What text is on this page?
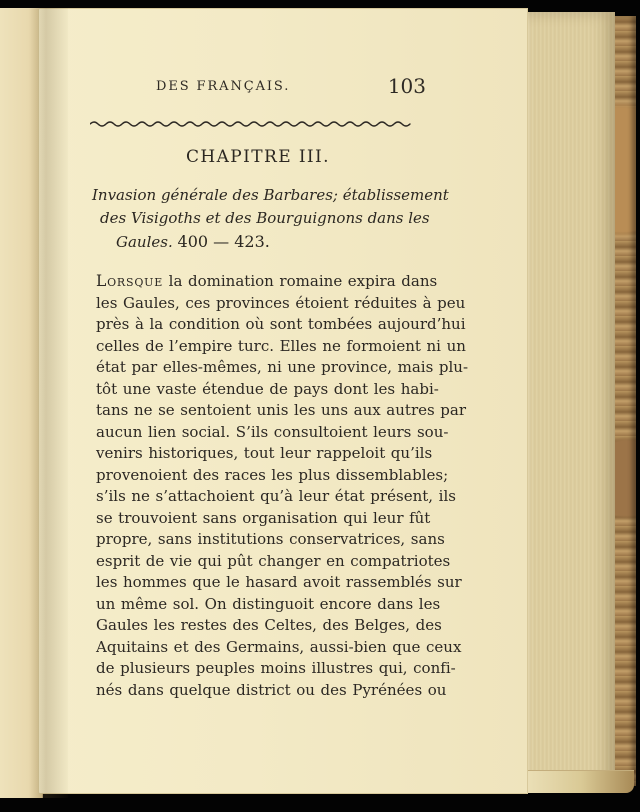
DES FRANÇAIS.	103
CHAPITRE III.
Invasion générale des Barbares; établissement
des Visigoths et des Bourguignons dans les
Gaules. 400 — 423.
Lorsque la domination romaine expira dans
les Gaules, ces provinces étoient réduites à peu
près à la condition où sont tombées aujourd’hui
celles de l’empire turc. Elles ne formoient ni un
état par elles-mêmes, ni une province, mais plu-
tôt une vaste étendue de pays dont les habi-
tans ne se sentoient unis les uns aux autres par
aucun lien social. S’ils consultoient leurs sou-
venirs historiques, tout leur rappeloit qu’ils
provenoient des races les plus dissemblables;
s’ils ne s’attachoient qu’à leur état présent, ils
se trouvoient sans organisation qui leur fût
propre, sans institutions conservatrices, sans
esprit de vie qui pût changer en compatriotes
les hommes que le hasard avoit rassemblés sur
un même sol. On distinguoit encore dans les
Gaules les restes des Celtes, des Belges, des
Aquitains et des Germains, aussi-bien que ceux
de plusieurs peuples moins illustres qui, confi-
nés dans quelque district ou des Pyrénées ou
